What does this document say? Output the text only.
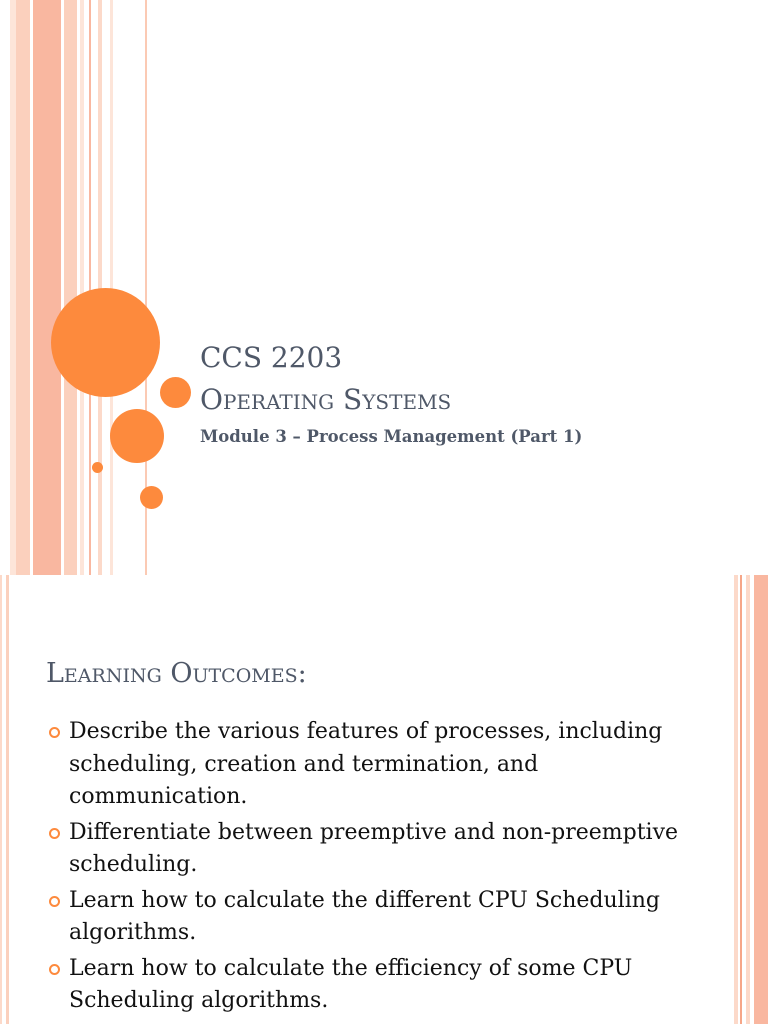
CCS 2203
Operating Systems
Module 3 – Process Management (Part 1)
Learning Outcomes:
Describe the various features of processes, including scheduling, creation and termination, and communication.
Differentiate between preemptive and non-preemptive scheduling.
Learn how to calculate the different CPU Scheduling algorithms.
Learn how to calculate the efficiency of some CPU Scheduling algorithms.
